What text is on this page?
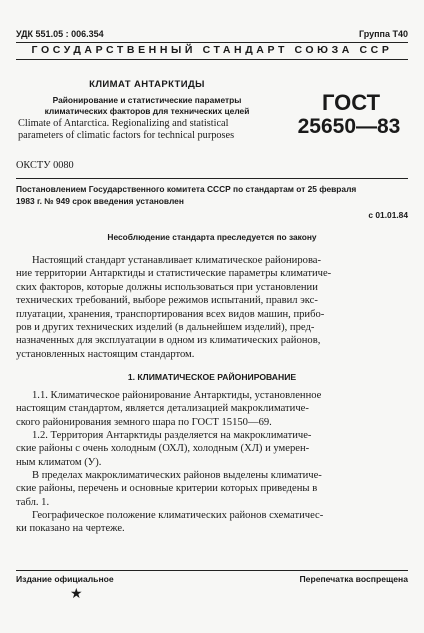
УДК 551.05 : 006.354	Группа Т40
ГОСУДАРСТВЕННЫЙ СТАНДАРТ СОЮЗА ССР
КЛИМАТ АНТАРКТИДЫ
Районирование и статистические параметры
климатических факторов для технических целей
Climate of Antarctica. Regionalizing and statistical
parameters of climatic factors for technical purposes
ГОСТ
25650—83
ОКСТУ 0080
Постановлением Государственного комитета СССР по стандартам от 25 февраля
1983 г. № 949 срок введения установлен
с 01.01.84
Несоблюдение стандарта преследуется по закону
Настоящий стандарт устанавливает климатическое районирова-
ние территории Антарктиды и статистические параметры климатиче-
ских факторов, которые должны использоваться при установлении
технических требований, выборе режимов испытаний, правил экс-
плуатации, хранения, транспортирования всех видов машин, прибо-
ров и других технических изделий (в дальнейшем изделий), пред-
назначенных для эксплуатации в одном из климатических районов,
установленных настоящим стандартом.
1. КЛИМАТИЧЕСКОЕ РАЙОНИРОВАНИЕ
1.1. Климатическое районирование Антарктиды, установленное
настоящим стандартом, является детализацией макроклиматиче-
ского районирования земного шара по ГОСТ 15150—69.
1.2. Территория Антарктиды разделяется на макроклиматиче-
ские районы с очень холодным (ОХЛ), холодным (ХЛ) и умерен-
ным климатом (У).
В пределах макроклиматических районов выделены климатиче-
ские районы, перечень и основные критерии которых приведены в
табл. 1.
Географическое положение климатических районов схематичес-
ки показано на чертеже.
Издание официальное	Перепечатка воспрещена
★
